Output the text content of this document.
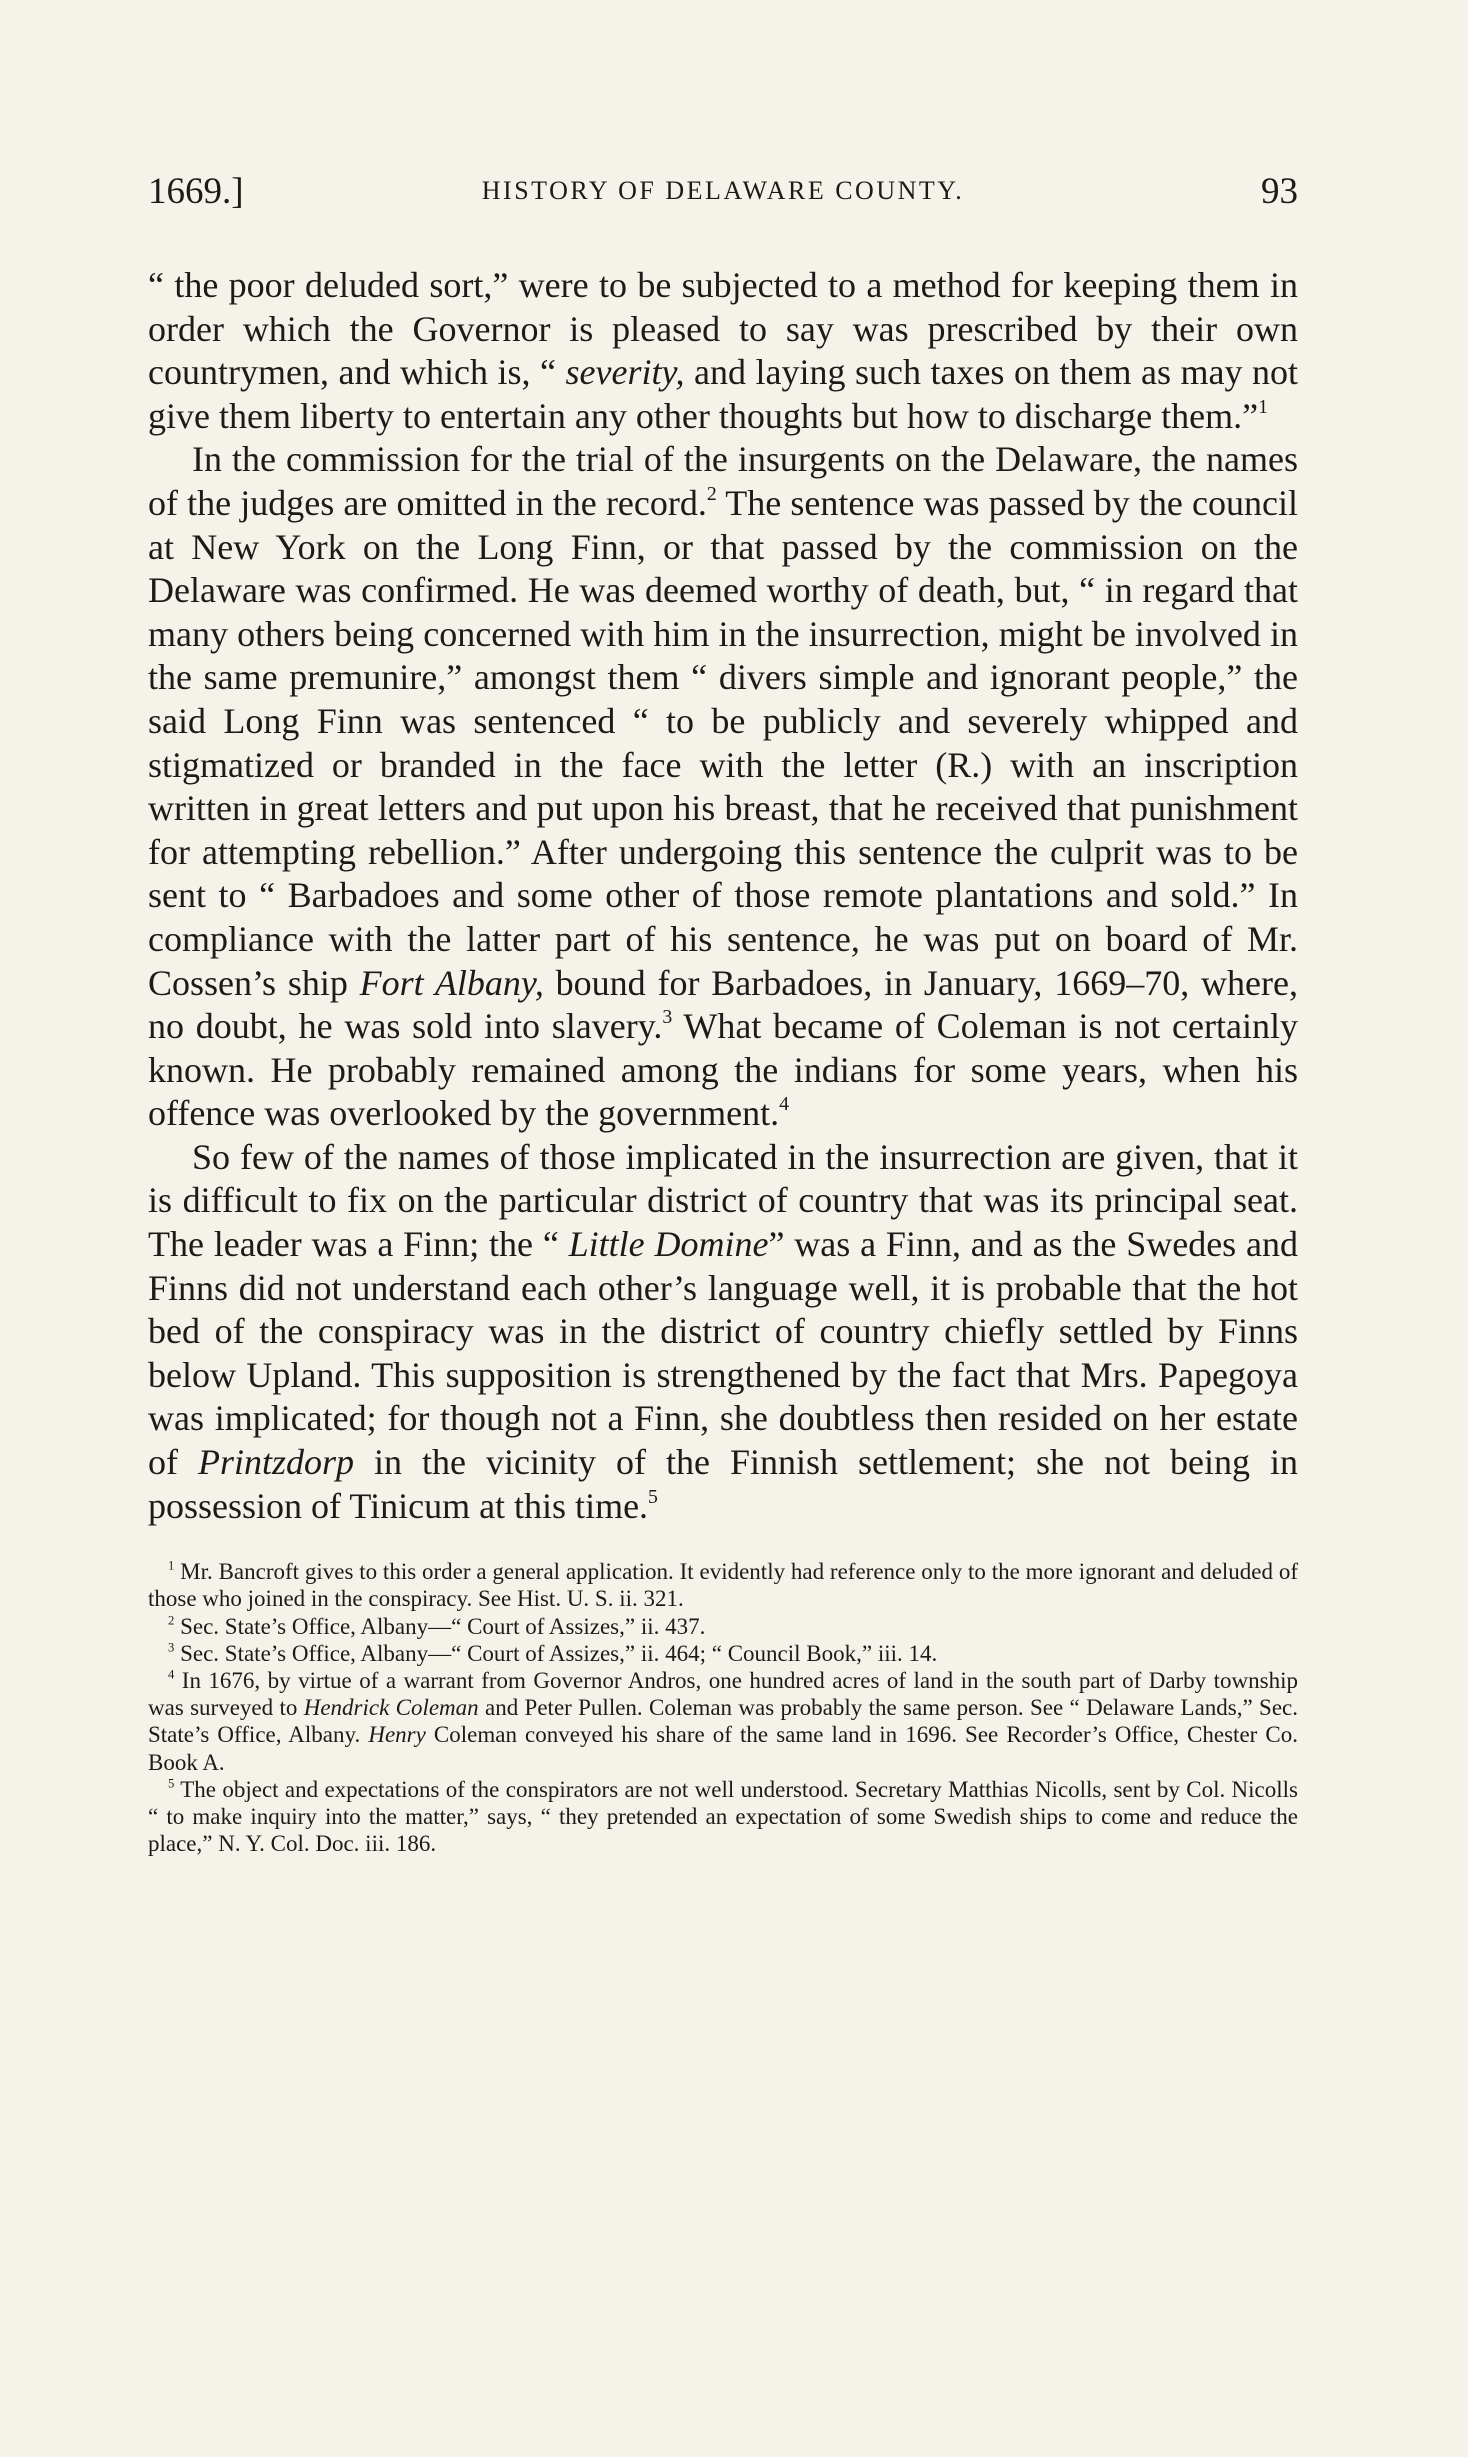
1669.]	HISTORY OF DELAWARE COUNTY.	93

“ the poor deluded sort,” were to be subjected to a method for keeping them in order which the Governor is pleased to say was prescribed by their own countrymen, and which is, “ severity, and laying such taxes on them as may not give them liberty to entertain any other thoughts but how to discharge them.”$^1$

In the commission for the trial of the insurgents on the Delaware, the names of the judges are omitted in the record.$^2$ The sentence was passed by the council at New York on the Long Finn, or that passed by the commission on the Delaware was confirmed. He was deemed worthy of death, but, “ in regard that many others being concerned with him in the insurrection, might be involved in the same premunire,” amongst them “ divers simple and ignorant people,” the said Long Finn was sentenced “ to be publicly and severely whipped and stigmatized or branded in the face with the letter (R.) with an inscription written in great letters and put upon his breast, that he received that punishment for attempting rebellion.” After undergoing this sentence the culprit was to be sent to “ Barbadoes and some other of those remote plantations and sold.” In compliance with the latter part of his sentence, he was put on board of Mr. Cossen’s ship Fort Albany, bound for Barbadoes, in January, 1669–70, where, no doubt, he was sold into slavery.$^3$ What became of Coleman is not certainly known. He probably remained among the indians for some years, when his offence was overlooked by the government.$^4$

So few of the names of those implicated in the insurrection are given, that it is difficult to fix on the particular district of country that was its principal seat. The leader was a Finn; the “ Little Domine” was a Finn, and as the Swedes and Finns did not understand each other’s language well, it is probable that the hot bed of the conspiracy was in the district of country chiefly settled by Finns below Upland. This supposition is strengthened by the fact that Mrs. Papegoya was implicated; for though not a Finn, she doubtless then resided on her estate of Printzdorp in the vicinity of the Finnish settlement; she not being in possession of Tinicum at this time.$^5$

$^1$ Mr. Bancroft gives to this order a general application. It evidently had reference only to the more ignorant and deluded of those who joined in the conspiracy. See Hist. U. S. ii. 321.

$^2$ Sec. State’s Office, Albany—“ Court of Assizes,” ii. 437.

$^3$ Sec. State’s Office, Albany—“ Court of Assizes,” ii. 464; “ Council Book,” iii. 14.

$^4$ In 1676, by virtue of a warrant from Governor Andros, one hundred acres of land in the south part of Darby township was surveyed to Hendrick Coleman and Peter Pullen. Coleman was probably the same person. See “ Delaware Lands,” Sec. State’s Office, Albany. Henry Coleman conveyed his share of the same land in 1696. See Recorder’s Office, Chester Co. Book A.

$^5$ The object and expectations of the conspirators are not well understood. Secretary Matthias Nicolls, sent by Col. Nicolls “ to make inquiry into the matter,” says, “ they pretended an expectation of some Swedish ships to come and reduce the place,” N. Y. Col. Doc. iii. 186.
